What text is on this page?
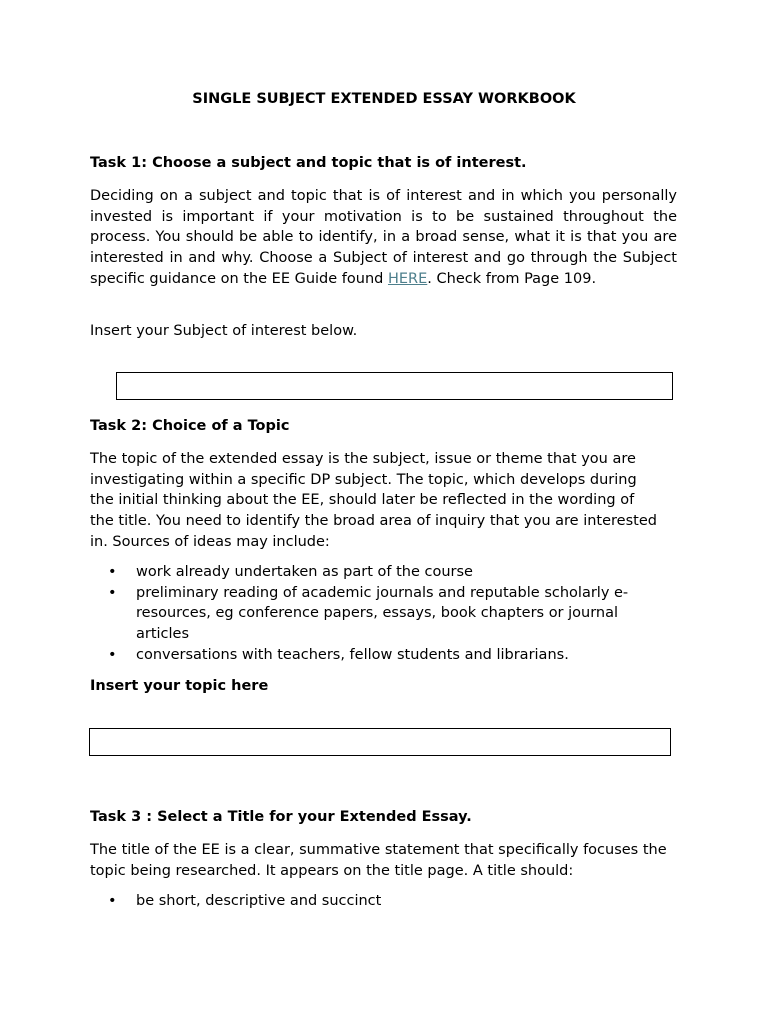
SINGLE SUBJECT EXTENDED ESSAY WORKBOOK
Task 1: Choose a subject and topic that is of interest.
Deciding on a subject and topic that is of interest and in which you personally invested is important if your motivation is to be sustained throughout the process. You should be able to identify, in a broad sense, what it is that you are interested in and why. Choose a Subject of interest and go through the Subject specific guidance on the EE Guide found HERE. Check from Page 109.
Insert your Subject of interest below.
Task 2: Choice of a Topic
The topic of the extended essay is the subject, issue or theme that you are investigating within a specific DP subject. The topic, which develops during the initial thinking about the EE, should later be reflected in the wording of the title. You need to identify the broad area of inquiry that you are interested in. Sources of ideas may include:
• work already undertaken as part of the course
• preliminary reading of academic journals and reputable scholarly e-resources, eg conference papers, essays, book chapters or journal articles
• conversations with teachers, fellow students and librarians.
Insert your topic here
Task 3 : Select a Title for your Extended Essay.
The title of the EE is a clear, summative statement that specifically focuses the topic being researched. It appears on the title page. A title should:
• be short, descriptive and succinct
